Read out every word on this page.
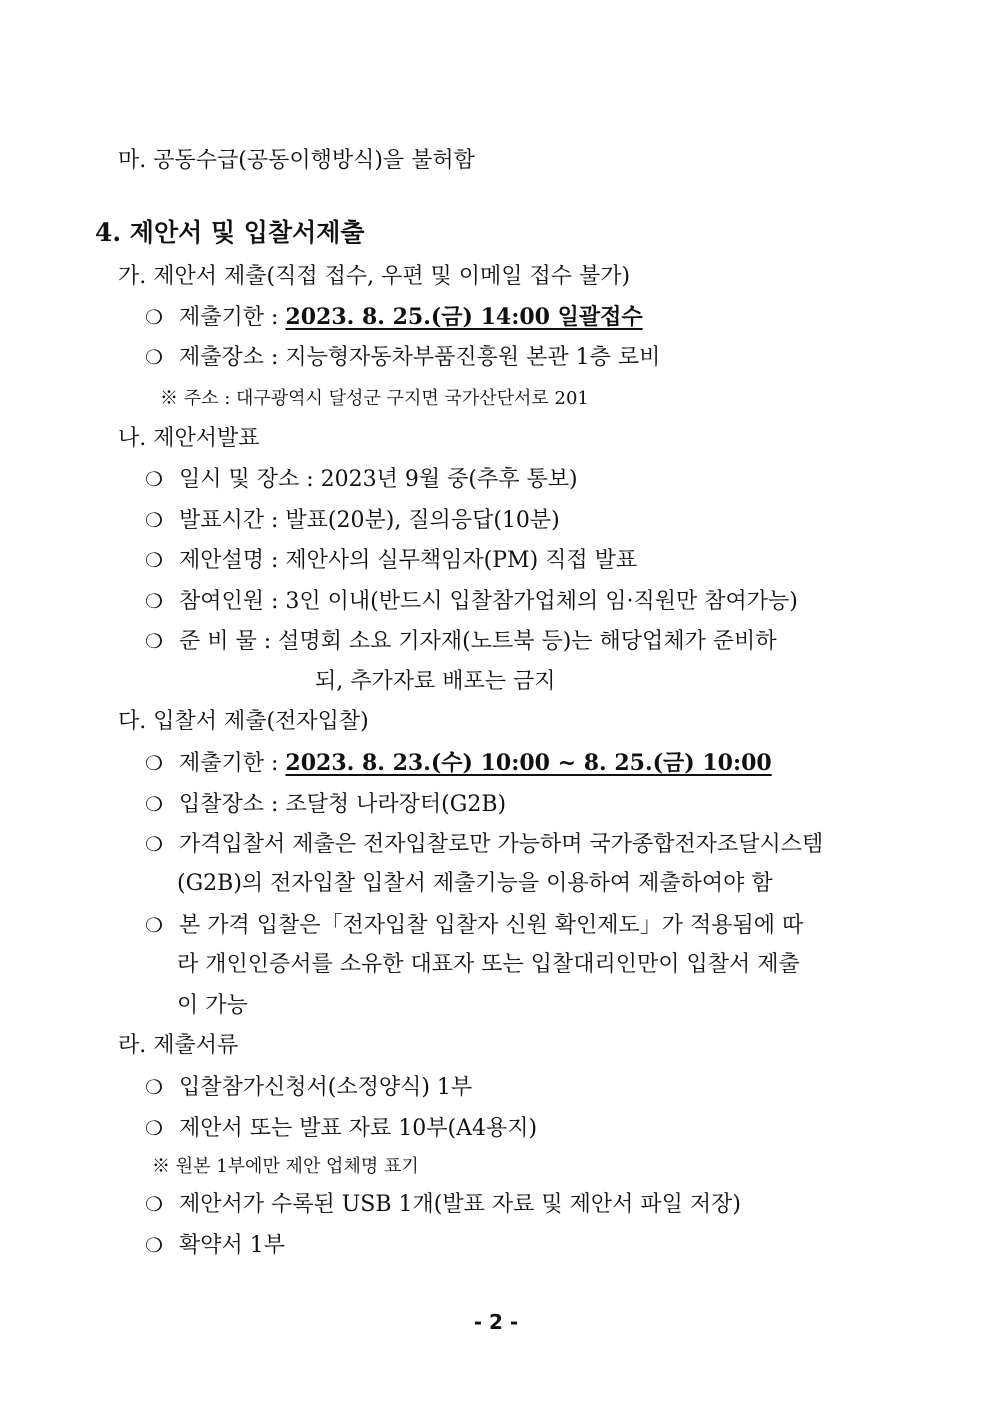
마. 공동수급(공동이행방식)을 불허함
4. 제안서 및 입찰서제출
가. 제안서 제출(직접 접수, 우편 및 이메일 접수 불가)
❍ 제출기한 : 2023. 8. 25.(금) 14:00 일괄접수
❍ 제출장소 : 지능형자동차부품진흥원 본관 1층 로비
※ 주소 : 대구광역시 달성군 구지면 국가산단서로 201
나. 제안서발표
❍ 일시 및 장소 : 2023년 9월 중(추후 통보)
❍ 발표시간 : 발표(20분), 질의응답(10분)
❍ 제안설명 : 제안사의 실무책임자(PM) 직접 발표
❍ 참여인원 : 3인 이내(반드시 입찰참가업체의 임·직원만 참여가능)
❍ 준 비 물 : 설명회 소요 기자재(노트북 등)는 해당업체가 준비하
되, 추가자료 배포는 금지
다. 입찰서 제출(전자입찰)
❍ 제출기한 : 2023. 8. 23.(수) 10:00 ~ 8. 25.(금) 10:00
❍ 입찰장소 : 조달청 나라장터(G2B)
❍ 가격입찰서 제출은 전자입찰로만 가능하며 국가종합전자조달시스템
(G2B)의 전자입찰 입찰서 제출기능을 이용하여 제출하여야 함
❍ 본 가격 입찰은「전자입찰 입찰자 신원 확인제도」가 적용됨에 따
라 개인인증서를 소유한 대표자 또는 입찰대리인만이 입찰서 제출
이 가능
라. 제출서류
❍ 입찰참가신청서(소정양식) 1부
❍ 제안서 또는 발표 자료 10부(A4용지)
※ 원본 1부에만 제안 업체명 표기
❍ 제안서가 수록된 USB 1개(발표 자료 및 제안서 파일 저장)
❍ 확약서 1부
- 2 -
